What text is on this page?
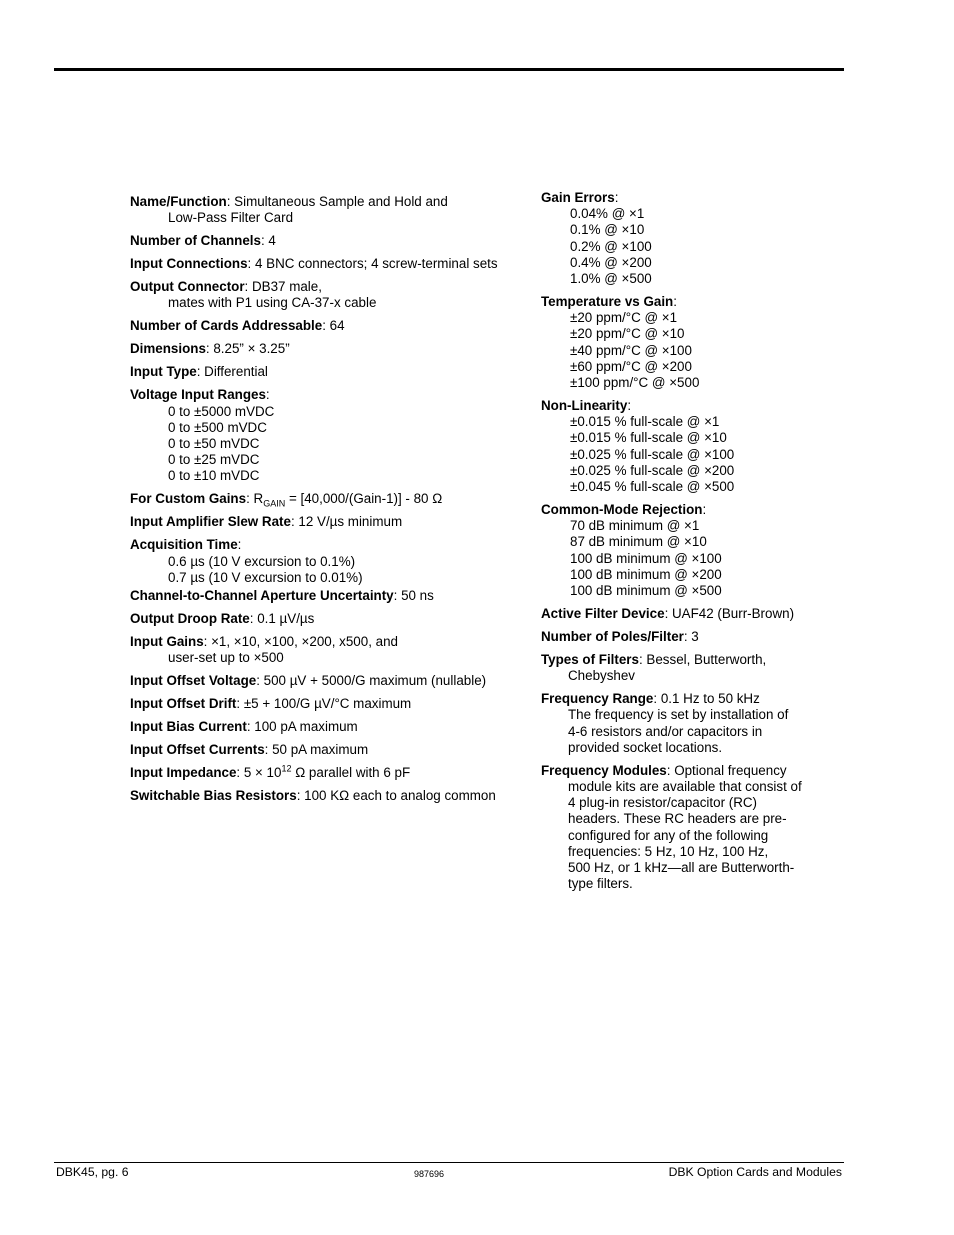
Name/Function: Simultaneous Sample and Hold and
Low-Pass Filter Card
Number of Channels: 4
Input Connections: 4 BNC connectors; 4 screw-terminal sets
Output Connector: DB37 male,
mates with P1 using CA-37-x cable
Number of Cards Addressable: 64
Dimensions: 8.25” × 3.25”
Input Type: Differential
Voltage Input Ranges:
0 to ±5000 mVDC
0 to ±500 mVDC
0 to ±50 mVDC
0 to ±25 mVDC
0 to ±10 mVDC
For Custom Gains: $R_{GAIN}$ = [40,000/(Gain-1)] - 80 Ω
Input Amplifier Slew Rate: 12 V/µs minimum
Acquisition Time:
0.6 µs (10 V excursion to 0.1%)
0.7 µs (10 V excursion to 0.01%)
Channel-to-Channel Aperture Uncertainty: 50 ns
Output Droop Rate: 0.1 µV/µs
Input Gains: ×1, ×10, ×100, ×200, x500, and
user-set up to ×500
Input Offset Voltage: 500 µV + 5000/G maximum (nullable)
Input Offset Drift: ±5 + 100/G µV/°C maximum
Input Bias Current: 100 pA maximum
Input Offset Currents: 50 pA maximum
Input Impedance: $5 \times 10^{12}$ Ω parallel with 6 pF
Switchable Bias Resistors: 100 KΩ each to analog common
Gain Errors:
0.04% @ ×1
0.1% @ ×10
0.2% @ ×100
0.4% @ ×200
1.0% @ ×500
Temperature vs Gain:
±20 ppm/°C @ ×1
±20 ppm/°C @ ×10
±40 ppm/°C @ ×100
±60 ppm/°C @ ×200
±100 ppm/°C @ ×500
Non-Linearity:
±0.015 % full-scale @ ×1
±0.015 % full-scale @ ×10
±0.025 % full-scale @ ×100
±0.025 % full-scale @ ×200
±0.045 % full-scale @ ×500
Common-Mode Rejection:
70 dB minimum @ ×1
87 dB minimum @ ×10
100 dB minimum @ ×100
100 dB minimum @ ×200
100 dB minimum @ ×500
Active Filter Device: UAF42 (Burr-Brown)
Number of Poles/Filter: 3
Types of Filters: Bessel, Butterworth,
Chebyshev
Frequency Range: 0.1 Hz to 50 kHz
The frequency is set by installation of
4-6 resistors and/or capacitors in
provided socket locations.
Frequency Modules: Optional frequency
module kits are available that consist of
4 plug-in resistor/capacitor (RC)
headers. These RC headers are pre-
configured for any of the following
frequencies: 5 Hz, 10 Hz, 100 Hz,
500 Hz, or 1 kHz—all are Butterworth-
type filters.
DBK45, pg. 6	987696	DBK Option Cards and Modules
